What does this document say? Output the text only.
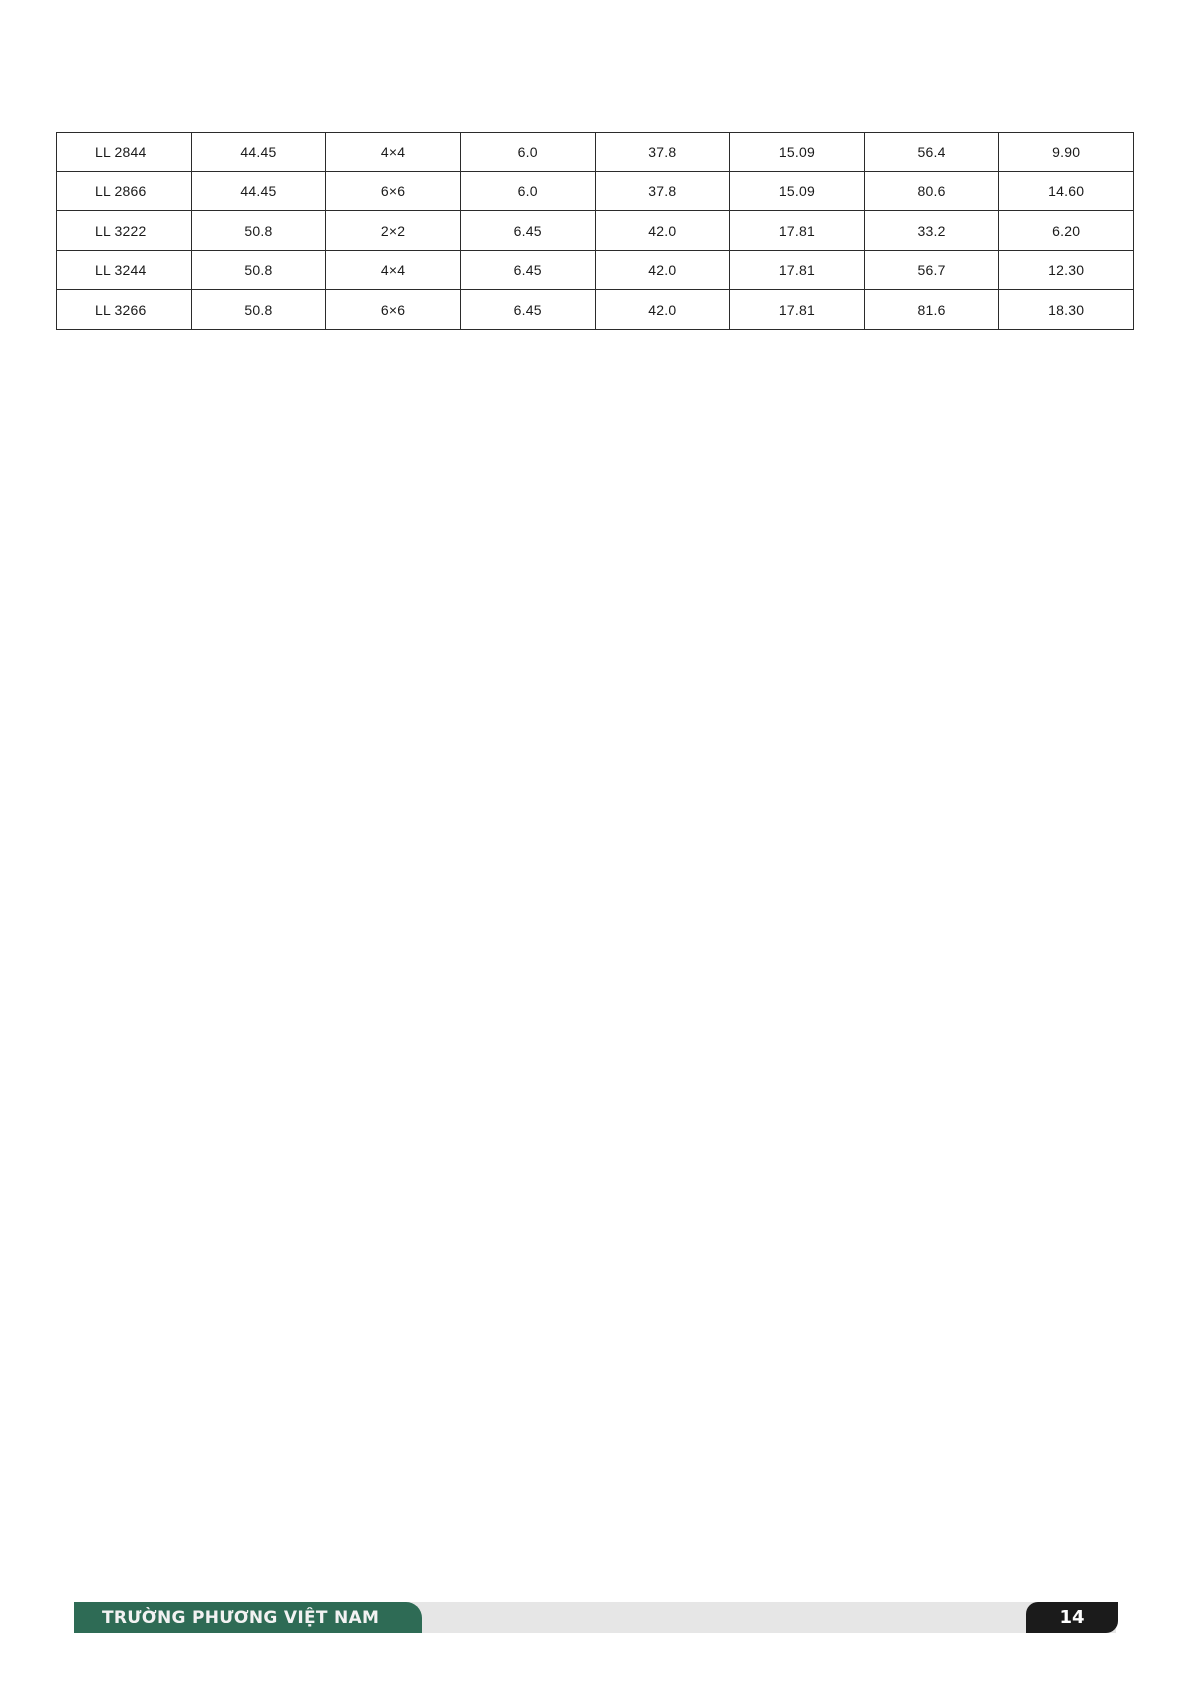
LL 2844	44.45	4×4	6.0	37.8	15.09	56.4	9.90
LL 2866	44.45	6×6	6.0	37.8	15.09	80.6	14.60
LL 3222	50.8	2×2	6.45	42.0	17.81	33.2	6.20
LL 3244	50.8	4×4	6.45	42.0	17.81	56.7	12.30
LL 3266	50.8	6×6	6.45	42.0	17.81	81.6	18.30
TRƯỜNG PHƯƠNG VIỆT NAM	14
